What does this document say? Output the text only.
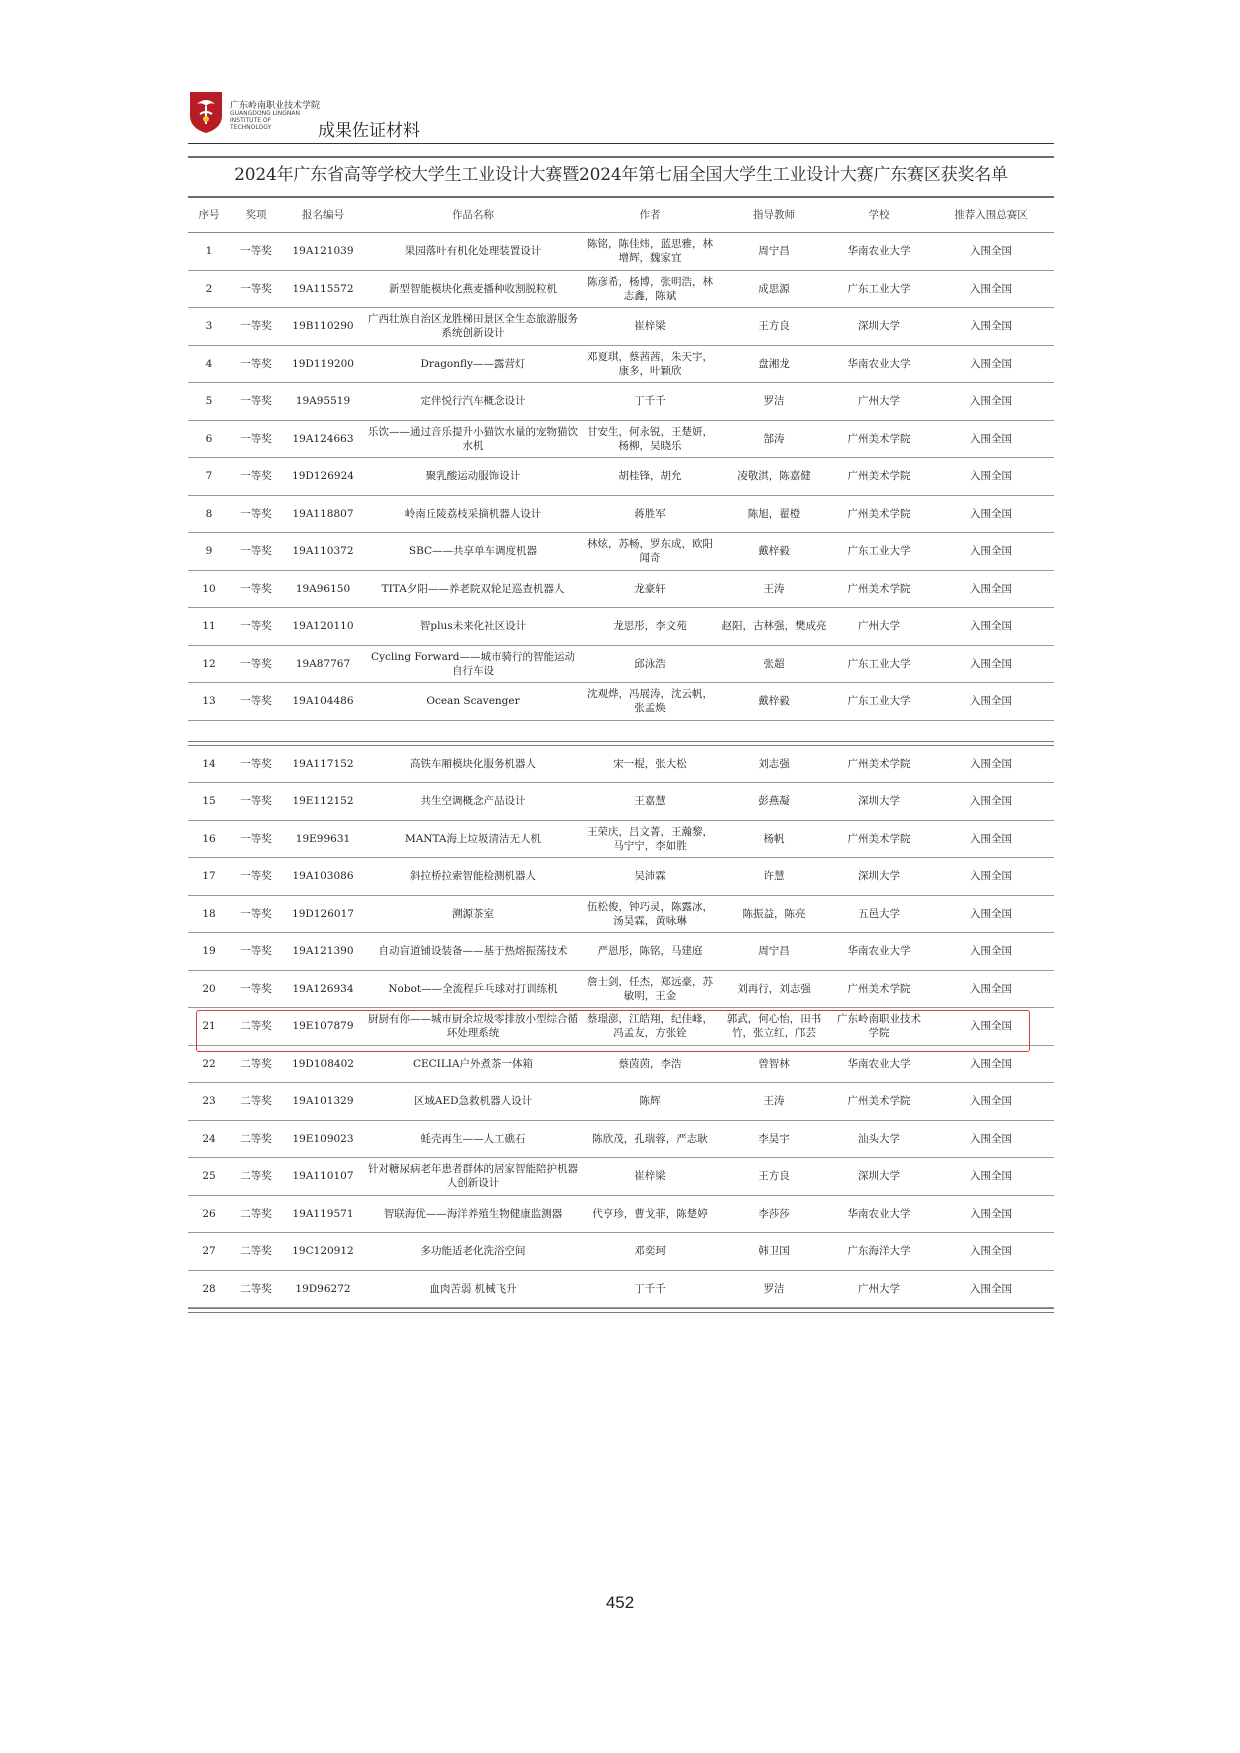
广东岭南职业技术学院
GUANGDONG LINGNAN INSTITUTE OF TECHNOLOGY	成果佐证材料
2024年广东省高等学校大学生工业设计大赛暨2024年第七届全国大学生工业设计大赛广东赛区获奖名单
序号	奖项	报名编号	作品名称	作者	指导教师	学校	推荐入围总赛区
1	一等奖	19A121039	果园落叶有机化处理装置设计	陈铭，陈佳炜，蓝思雅，林增辉，魏家宜	周宁昌	华南农业大学	入围全国
2	一等奖	19A115572	新型智能模块化燕麦播种收割脱粒机	陈彦希，杨博，张明浩，林志鑫，陈斌	成思源	广东工业大学	入围全国
3	一等奖	19B110290	广西壮族自治区龙胜梯田景区全生态旅游服务系统创新设计	崔梓梁	王方良	深圳大学	入围全国
4	一等奖	19D119200	Dragonfly——露营灯	邓夏琪，蔡茜茜，朱天宇，康多，叶颖欣	盘湘龙	华南农业大学	入围全国
5	一等奖	19A95519	定伴悦行汽车概念设计	丁千千	罗洁	广州大学	入围全国
6	一等奖	19A124663	乐饮——通过音乐提升小猫饮水量的宠物猫饮水机	甘安生，何永锐，王楚妍，杨柳，吴晓乐	郜涛	广州美术学院	入围全国
7	一等奖	19D126924	聚乳酸运动服饰设计	胡桂锋，胡允	凌敬淇，陈嘉健	广州美术学院	入围全国
8	一等奖	19A118807	岭南丘陵荔枝采摘机器人设计	蒋胜军	陈旭，翟橙	广州美术学院	入围全国
9	一等奖	19A110372	SBC——共享单车调度机器	林炫，苏畅，罗东成，欧阳闻奇	戴梓毅	广东工业大学	入围全国
10	一等奖	19A96150	TITA夕阳——养老院双轮足巡查机器人	龙豪轩	王涛	广州美术学院	入围全国
11	一等奖	19A120110	智plus未来化社区设计	龙思彤，李文苑	赵阳，古林强，樊成亮	广州大学	入围全国
12	一等奖	19A87767	Cycling Forward——城市骑行的智能运动自行车设	邱泳浩	张超	广东工业大学	入围全国
13	一等奖	19A104486	Ocean Scavenger	沈观烨，冯展涛，沈云帆，张孟焕	戴梓毅	广东工业大学	入围全国
14	一等奖	19A117152	高铁车厢模块化服务机器人	宋一棍，张大松	刘志强	广州美术学院	入围全国
15	一等奖	19E112152	共生空调概念产品设计	王嘉慧	彭燕凝	深圳大学	入围全国
16	一等奖	19E99631	MANTA海上垃圾清洁无人机	王荣庆，吕文菁，王瀚黎，马宁宁，李如胜	杨帆	广州美术学院	入围全国
17	一等奖	19A103086	斜拉桥拉索智能检测机器人	吴沛霖	许慧	深圳大学	入围全国
18	一等奖	19D126017	溯源茶室	伍松俊，钟巧灵，陈露冰，汤昊霖，黄咏琳	陈振益，陈亮	五邑大学	入围全国
19	一等奖	19A121390	自动盲道铺设装备——基于热熔振荡技术	严恩彤，陈铭，马建庭	周宁昌	华南农业大学	入围全国
20	一等奖	19A126934	Nobot——全流程乒乓球对打训练机	詹士剑，任杰，郑远豪，苏敏明，王金	刘再行，刘志强	广州美术学院	入围全国
21	二等奖	19E107879	厨厨有你——城市厨余垃圾零排放小型综合循环处理系统	蔡璟澎，江皓翔，纪佳峰，冯孟友，方张铨	郭武，何心怡，田书竹，张立红，邝芸	广东岭南职业技术学院	入围全国
22	二等奖	19D108402	CECILIA户外煮茶一体箱	蔡茵茵，李浩	曾智林	华南农业大学	入围全国
23	二等奖	19A101329	区域AED急救机器人设计	陈辉	王涛	广州美术学院	入围全国
24	二等奖	19E109023	蚝壳再生——人工礁石	陈欣茂，孔瑞蓉，严志耿	李昊宇	汕头大学	入围全国
25	二等奖	19A110107	针对糖尿病老年患者群体的居家智能陪护机器人创新设计	崔梓梁	王方良	深圳大学	入围全国
26	二等奖	19A119571	智联海优——海洋养殖生物健康监测器	代亨珍，曹戈菲，陈楚婷	李莎莎	华南农业大学	入围全国
27	二等奖	19C120912	多功能适老化洗浴空间	邓奕珂	韩卫国	广东海洋大学	入围全国
28	二等奖	19D96272	血肉苦弱 机械飞升	丁千千	罗洁	广州大学	入围全国
452
